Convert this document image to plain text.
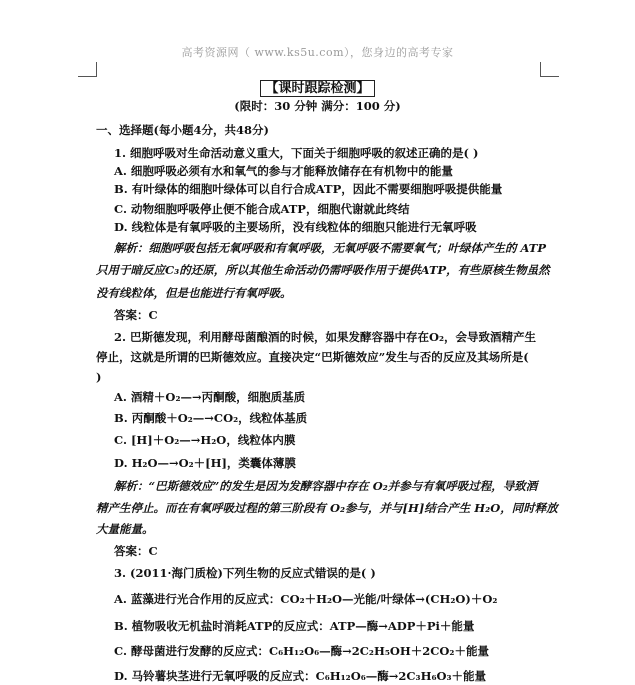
高考资源网（ www.ks5u.com），您身边的高考专家
【课时跟踪检测】
(限时：30 分钟 满分：100 分)
一、选择题(每小题4分，共48分)
1. 细胞呼吸对生命活动意义重大，下面关于细胞呼吸的叙述正确的是( )
A. 细胞呼吸必须有水和氧气的参与才能释放储存在有机物中的能量
B. 有叶绿体的细胞叶绿体可以自行合成ATP，因此不需要细胞呼吸提供能量
C. 动物细胞呼吸停止便不能合成ATP，细胞代谢就此终结
D. 线粒体是有氧呼吸的主要场所，没有线粒体的细胞只能进行无氧呼吸
解析：细胞呼吸包括无氧呼吸和有氧呼吸，无氧呼吸不需要氧气；叶绿体产生的 ATP
只用于暗反应C₃的还原，所以其他生命活动仍需呼吸作用于提供ATP，有些原核生物虽然
没有线粒体，但是也能进行有氧呼吸。
答案：C
2. 巴斯德发现，利用酵母菌酿酒的时候，如果发酵容器中存在O₂，会导致酒精产生
停止，这就是所谓的巴斯德效应。直接决定“巴斯德效应”发生与否的反应及其场所是(
)
A. 酒精＋O₂—→丙酮酸，细胞质基质
B. 丙酮酸＋O₂—→CO₂，线粒体基质
C. [H]＋O₂—→H₂O，线粒体内膜
D. H₂O—→O₂＋[H]，类囊体薄膜
解析：“巴斯德效应”的发生是因为发酵容器中存在 O₂并参与有氧呼吸过程，导致酒
精产生停止。而在有氧呼吸过程的第三阶段有 O₂参与，并与[H]结合产生 H₂O，同时释放
大量能量。
答案：C
3. (2011·海门质检)下列生物的反应式错误的是( )
A. 蓝藻进行光合作用的反应式：CO₂＋H₂O—光能/叶绿体→(CH₂O)＋O₂
B. 植物吸收无机盐时消耗ATP的反应式：ATP—酶→ADP＋Pi＋能量
C. 酵母菌进行发酵的反应式：C₆H₁₂O₆—酶→2C₂H₅OH＋2CO₂＋能量
D. 马铃薯块茎进行无氧呼吸的反应式：C₆H₁₂O₆—酶→2C₃H₆O₃＋能量
